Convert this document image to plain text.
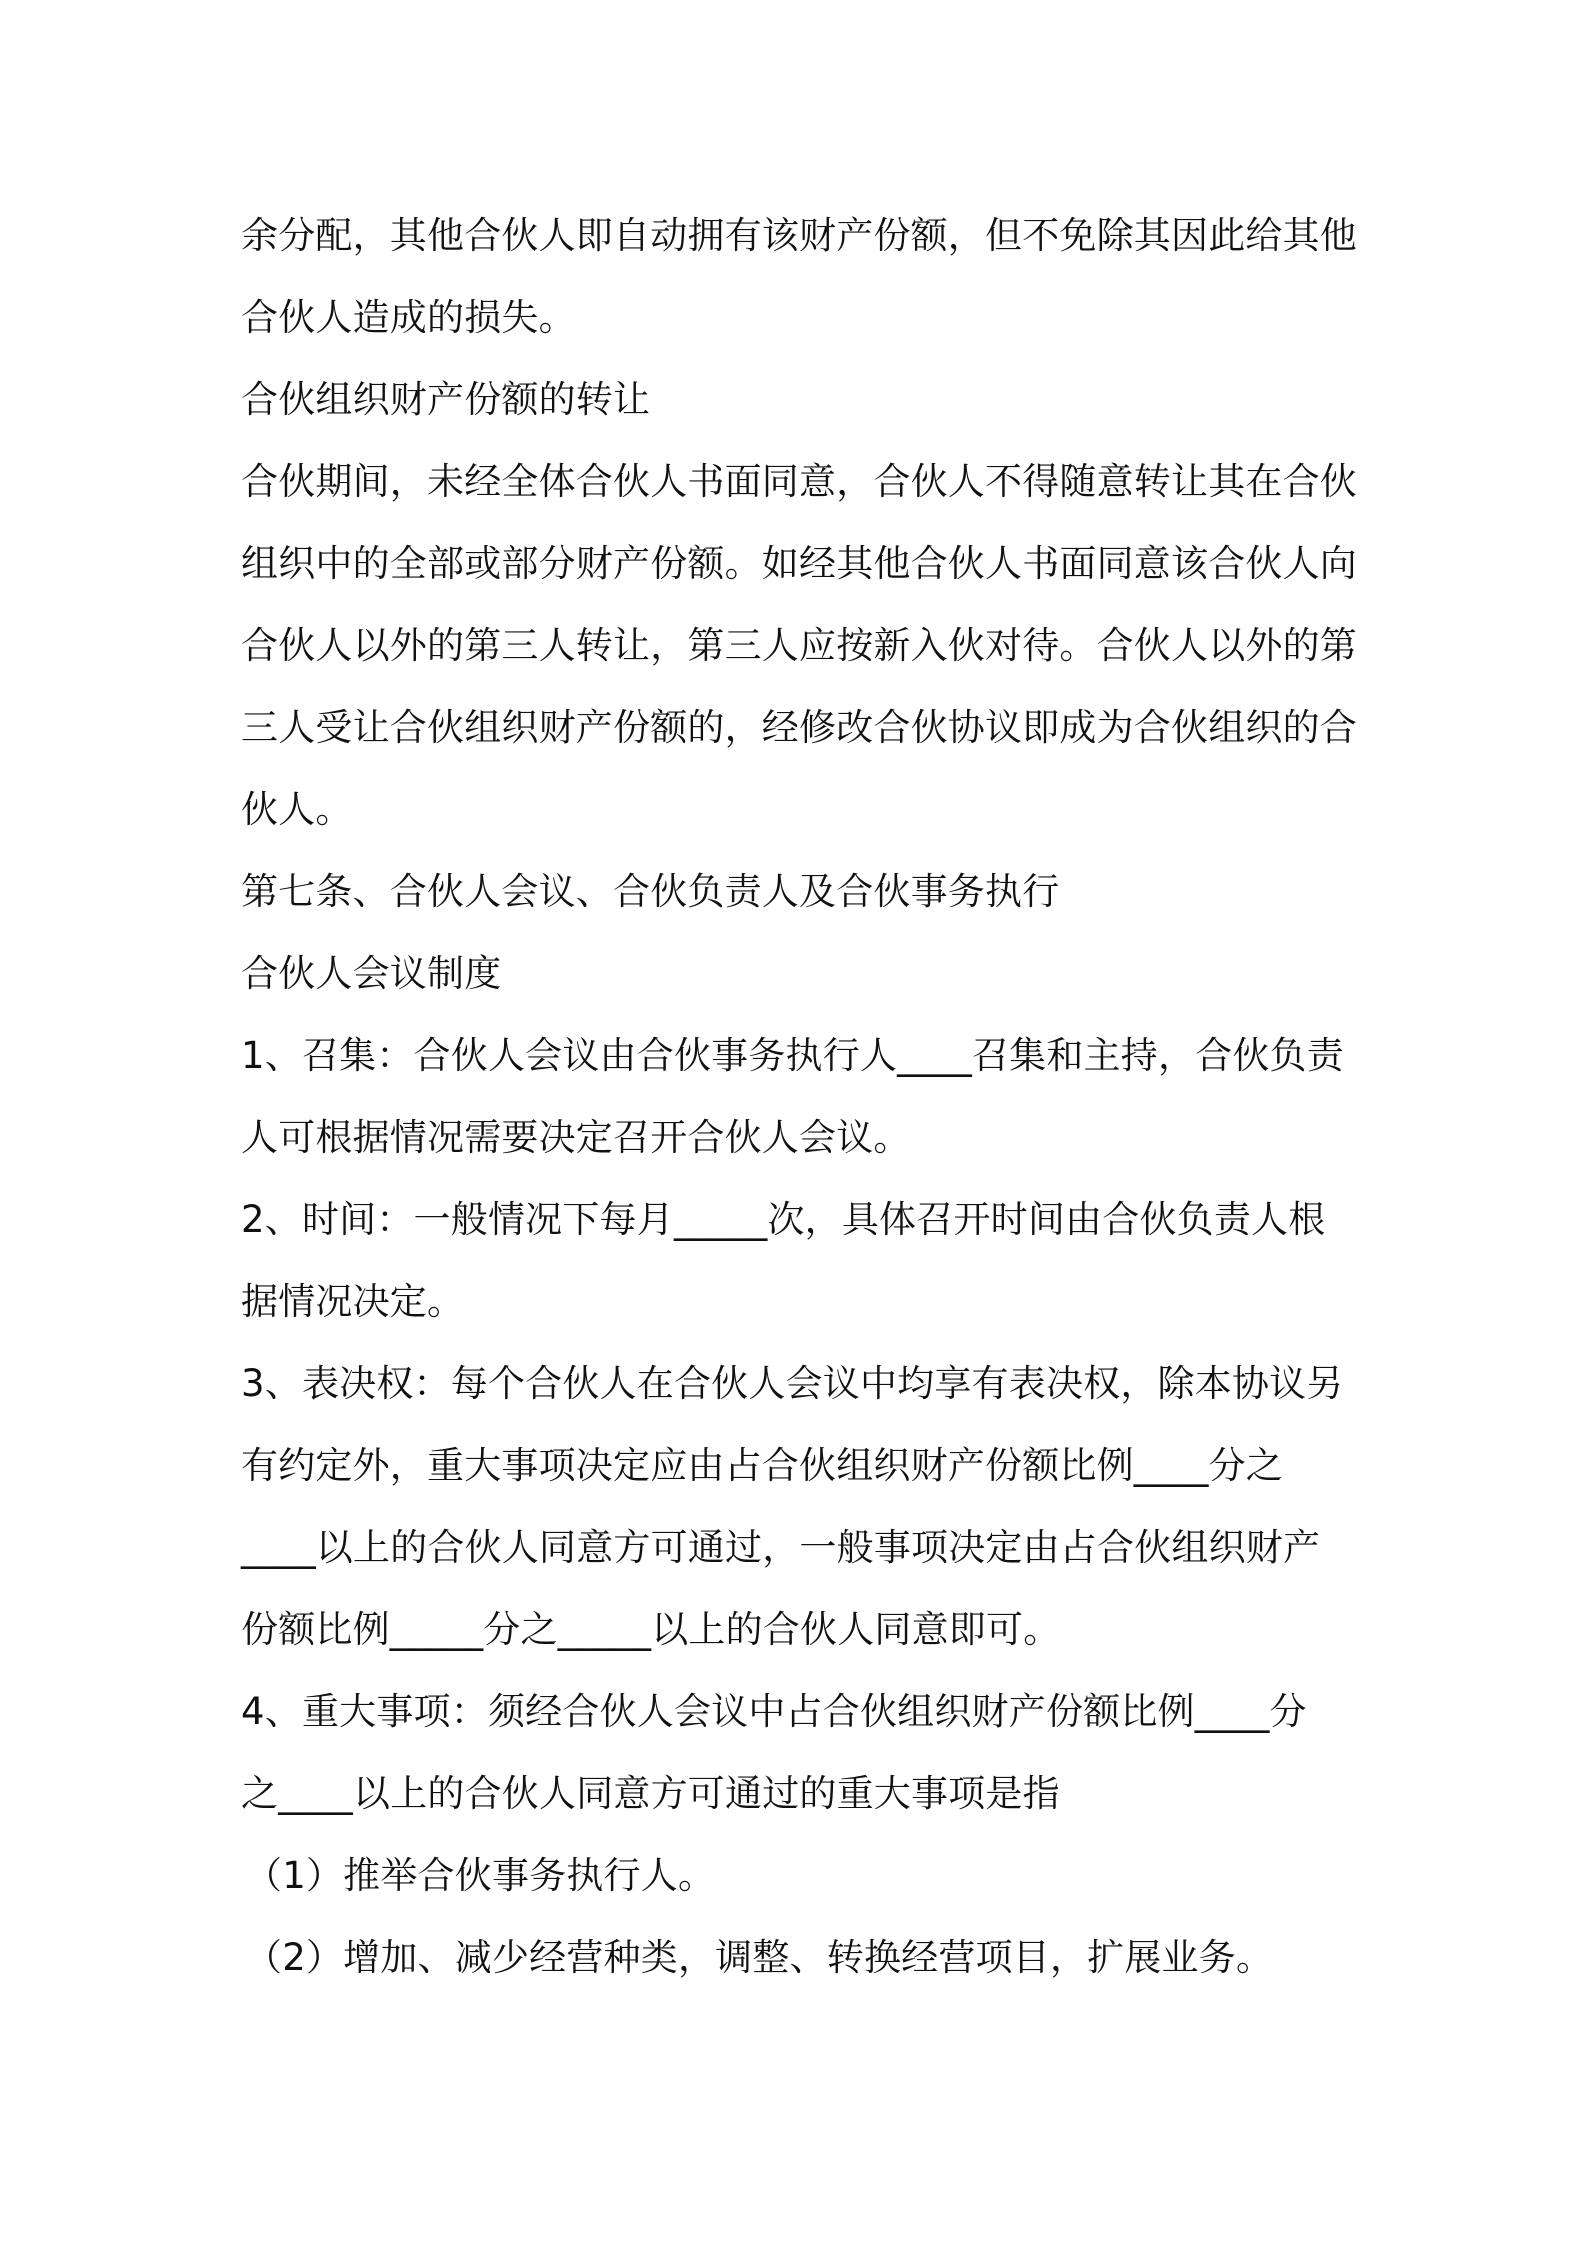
余分配，其他合伙人即自动拥有该财产份额，但不免除其因此给其他
合伙人造成的损失。
合伙组织财产份额的转让
合伙期间，未经全体合伙人书面同意，合伙人不得随意转让其在合伙
组织中的全部或部分财产份额。如经其他合伙人书面同意该合伙人向
合伙人以外的第三人转让，第三人应按新入伙对待。合伙人以外的第
三人受让合伙组织财产份额的，经修改合伙协议即成为合伙组织的合
伙人。
第七条、合伙人会议、合伙负责人及合伙事务执行
合伙人会议制度
1、召集：合伙人会议由合伙事务执行人____召集和主持，合伙负责
人可根据情况需要决定召开合伙人会议。
2、时间：一般情况下每月_____次，具体召开时间由合伙负责人根
据情况决定。
3、表决权：每个合伙人在合伙人会议中均享有表决权，除本协议另
有约定外，重大事项决定应由占合伙组织财产份额比例____分之
____以上的合伙人同意方可通过，一般事项决定由占合伙组织财产
份额比例_____分之_____以上的合伙人同意即可。
4、重大事项：须经合伙人会议中占合伙组织财产份额比例____分
之____以上的合伙人同意方可通过的重大事项是指
（1）推举合伙事务执行人。
（2）增加、减少经营种类，调整、转换经营项目，扩展业务。
